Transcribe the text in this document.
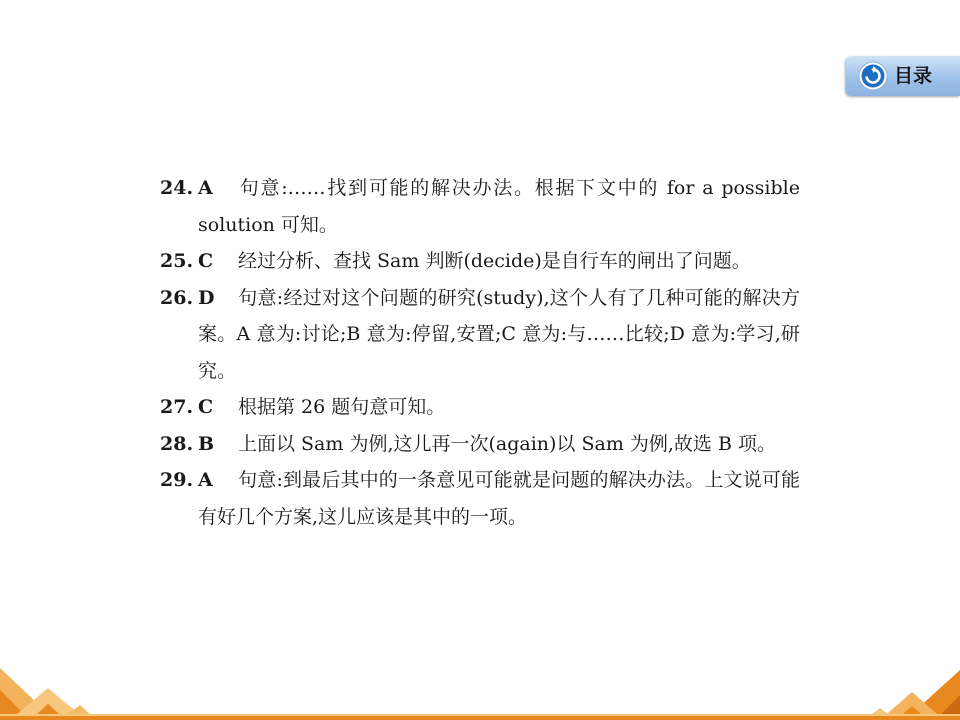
目录
24. A 句意:……找到可能的解决办法。根据下文中的 for a possible solution 可知。
25. C 经过分析、查找 Sam 判断(decide)是自行车的闸出了问题。
26. D 句意:经过对这个问题的研究(study),这个人有了几种可能的解决方案。A 意为:讨论;B 意为:停留,安置;C 意为:与……比较;D 意为:学习,研究。
27. C 根据第 26 题句意可知。
28. B 上面以 Sam 为例,这儿再一次(again)以 Sam 为例,故选 B 项。
29. A 句意:到最后其中的一条意见可能就是问题的解决办法。上文说可能有好几个方案,这儿应该是其中的一项。
